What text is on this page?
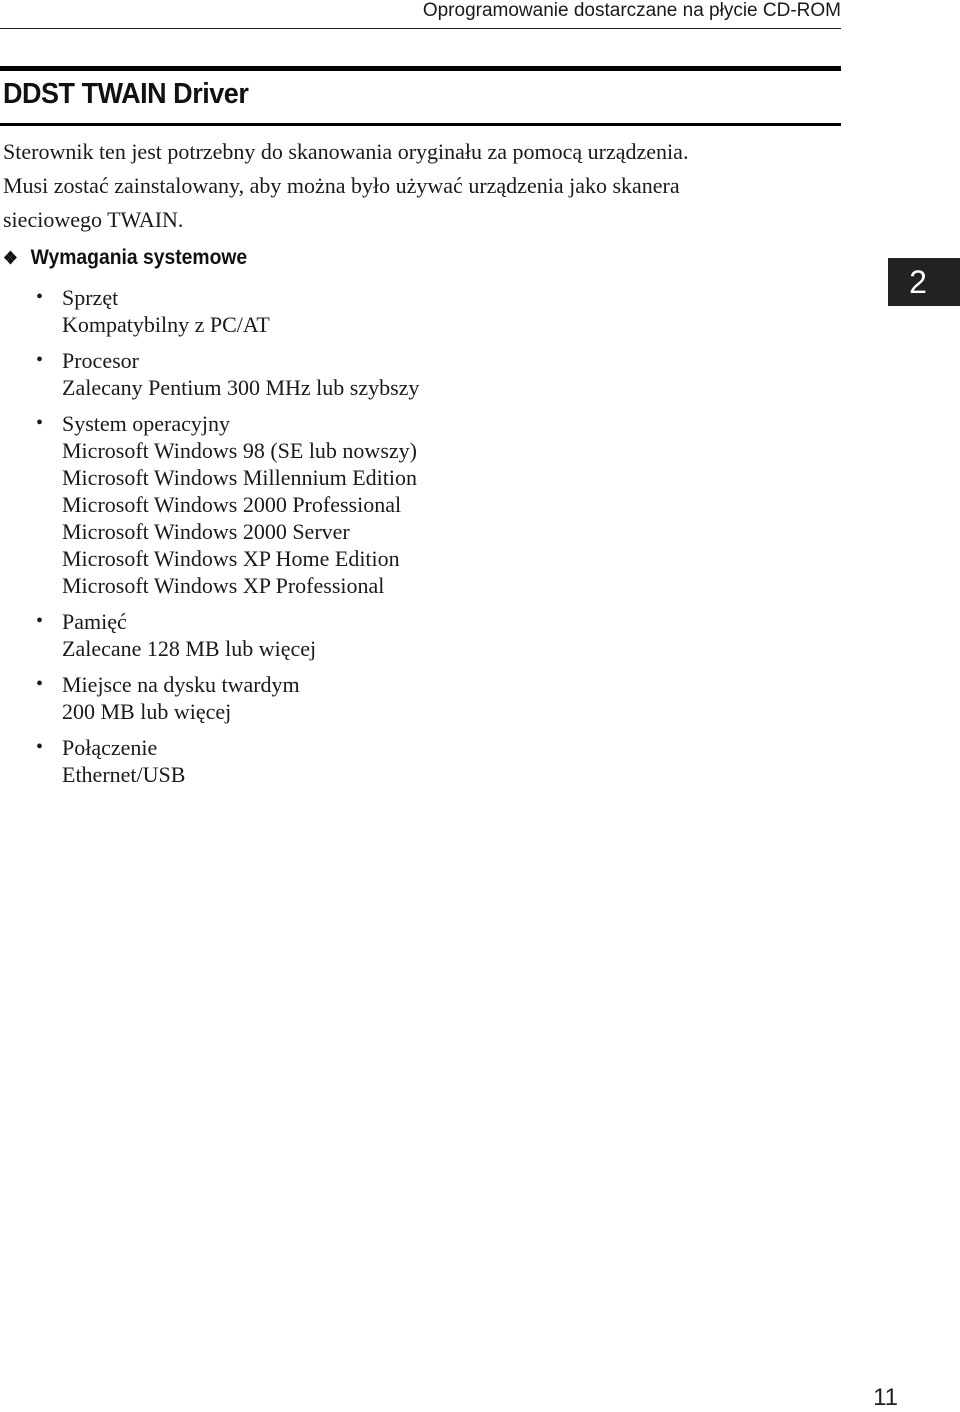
Oprogramowanie dostarczane na płycie CD-ROM
DDST TWAIN Driver

Sterownik ten jest potrzebny do skanowania oryginału za pomocą urządzenia.
Musi zostać zainstalowany, aby można było używać urządzenia jako skanera
sieciowego TWAIN.

❖ Wymagania systemowe
• Sprzęt
Kompatybilny z PC/AT
• Procesor
Zalecany Pentium 300 MHz lub szybszy
• System operacyjny
Microsoft Windows 98 (SE lub nowszy)
Microsoft Windows Millennium Edition
Microsoft Windows 2000 Professional
Microsoft Windows 2000 Server
Microsoft Windows XP Home Edition
Microsoft Windows XP Professional
• Pamięć
Zalecane 128 MB lub więcej
• Miejsce na dysku twardym
200 MB lub więcej
• Połączenie
Ethernet/USB
2
11
